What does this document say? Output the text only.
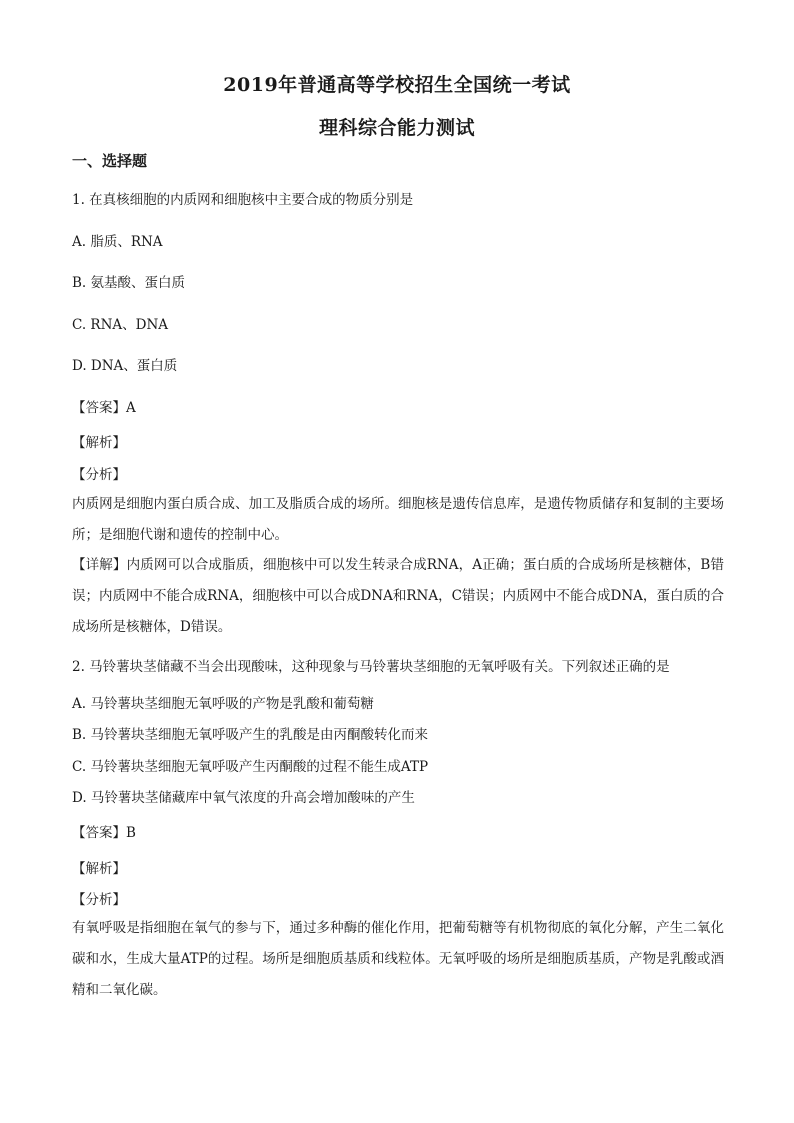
2019年普通高等学校招生全国统一考试
理科综合能力测试
一、选择题
1. 在真核细胞的内质网和细胞核中主要合成的物质分别是
A. 脂质、RNA
B. 氨基酸、蛋白质
C. RNA、DNA
D. DNA、蛋白质
【答案】A
【解析】
【分析】
内质网是细胞内蛋白质合成、加工及脂质合成的场所。细胞核是遗传信息库，是遗传物质储存和复制的主要场所；是细胞代谢和遗传的控制中心。
【详解】内质网可以合成脂质，细胞核中可以发生转录合成RNA，A正确；蛋白质的合成场所是核糖体，B错误；内质网中不能合成RNA，细胞核中可以合成DNA和RNA，C错误；内质网中不能合成DNA，蛋白质的合成场所是核糖体，D错误。
2. 马铃薯块茎储藏不当会出现酸味，这种现象与马铃薯块茎细胞的无氧呼吸有关。下列叙述正确的是
A. 马铃薯块茎细胞无氧呼吸的产物是乳酸和葡萄糖
B. 马铃薯块茎细胞无氧呼吸产生的乳酸是由丙酮酸转化而来
C. 马铃薯块茎细胞无氧呼吸产生丙酮酸的过程不能生成ATP
D. 马铃薯块茎储藏库中氧气浓度的升高会增加酸味的产生
【答案】B
【解析】
【分析】
有氧呼吸是指细胞在氧气的参与下，通过多种酶的催化作用，把葡萄糖等有机物彻底的氧化分解，产生二氧化碳和水，生成大量ATP的过程。场所是细胞质基质和线粒体。无氧呼吸的场所是细胞质基质，产物是乳酸或酒精和二氧化碳。
